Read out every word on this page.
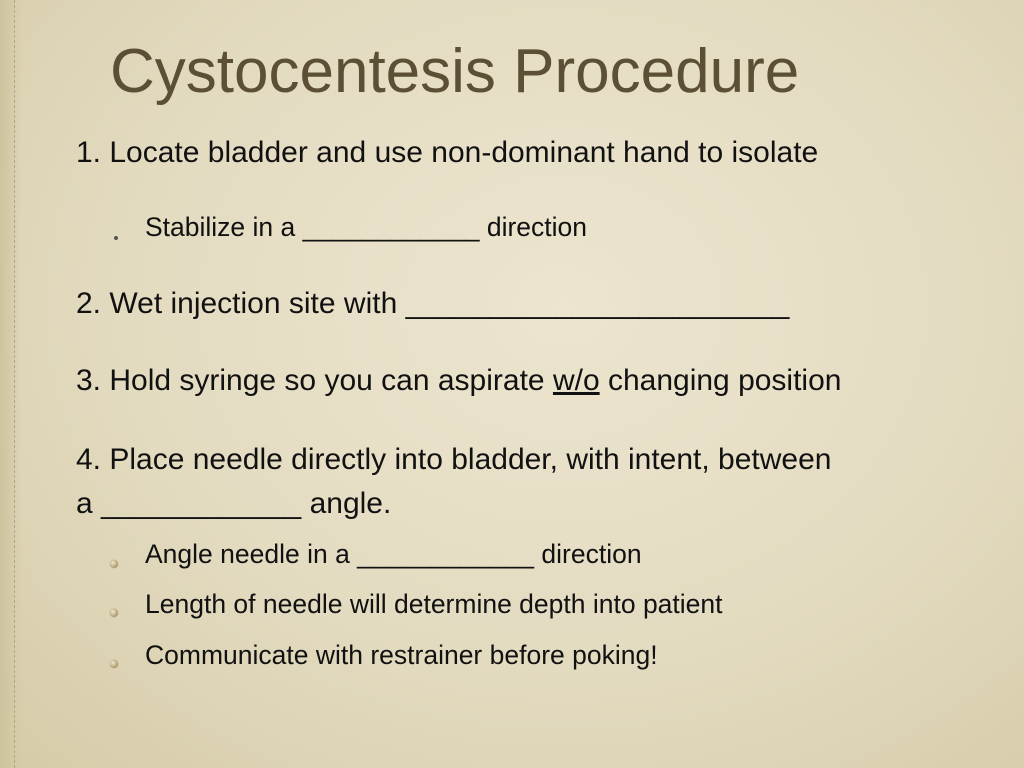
Cystocentesis Procedure

1. Locate bladder and use non-dominant hand to isolate

Stabilize in a ____________ direction

2. Wet injection site with _______________________

3. Hold syringe so you can aspirate w/o changing position

4. Place needle directly into bladder, with intent, between

a ____________ angle.

Angle needle in a ____________ direction

Length of needle will determine depth into patient

Communicate with restrainer before poking!
